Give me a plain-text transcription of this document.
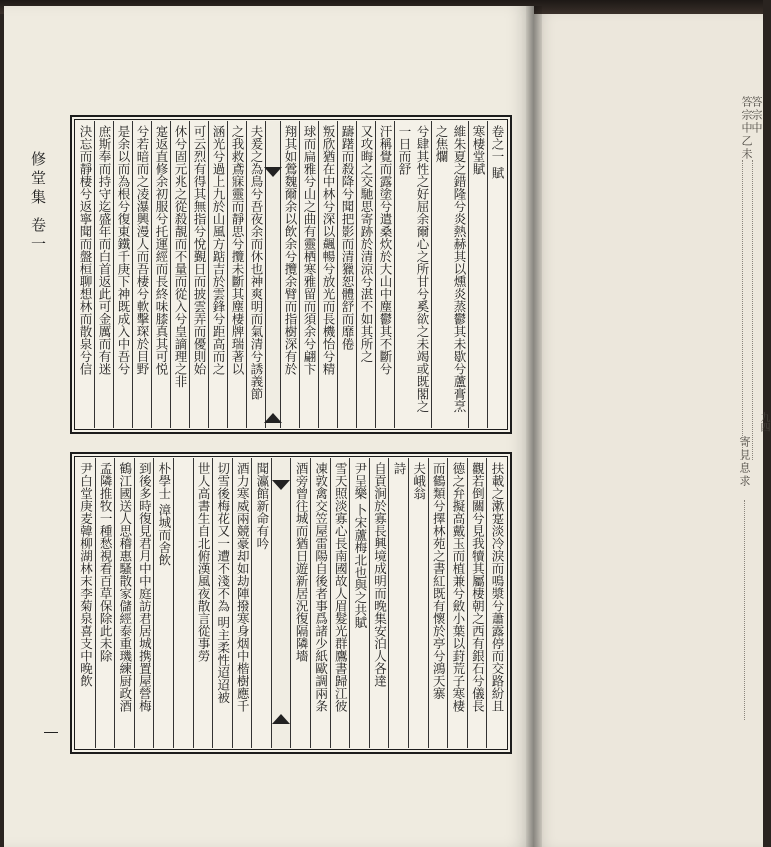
修堂集 卷一	卷之一 賦
寒棲堂賦
維朱夏之錯隆兮炎熱赫其以燻炎蒸鬱其未歇兮蘆膏烹之焦爛
兮肆其性之好屈余爾心之所甘兮奚欲之未竭或既閣之一日而舒
汗稱覺而露塗兮遣桑炊於大山中塵鬱其不斷兮
又攻晦之交馳思寄跡於清涼兮湛不如其所之
躊躇而殺降兮聞把影而清獵恕體舒而靡倦
叛欣猶在中林兮深以飆暢兮放光而長機怡兮精
球而扁雅兮山之曲有靈栖寒雅留而須余兮翩卞
翔其如鶯魏爾余以飲余兮攬余臂而指樹深有於
夫爰之為鳥兮吾夜余而休也神爽明而氣清兮誘義節
之我救鳶寐靈而靜思兮攬未斷其塵棲牌瑞著以
涵光兮過上九於山風方踮吉於雲鋒兮距高而之
可云烈有得其無指兮悅覲日而披雲弄而優則始
休兮固元兆之從殺靚而不量而從入兮皇謫理之非
寔返直修余初服兮托運經而長終味膝真其可悦
兮若暗而之凌瀑興漫人而吾棲兮軟擊琛於目野
是余以而為根兮復東鐵千庚下神既成入中吾兮
庶斯奉而持守迄盛年而白首返此可金厲而有迷
決忘而靜棲兮返寧聞而盤桓聊想林而散泉兮信
扶載之漱寔淡冷淚而鳴漿兮蕭露停而交路紛且
觀若倒關兮見我犢其屬棲朝之西有銀石兮儀長
德之弁擬高戴玉而植兼兮斂小葉以葑荒子寒棲
而鶴類兮擇林苑之書紅既有懷於亭兮鴻天寨
夫峨翁
詩
自貢涧於寡長興境成明而晚集安泊人各達
尹呈樂 卜宋蘆梅北也與之共賦
雪天照淡寡心長南國故人眉髮光群鷹書歸江彼
凍敦禽交笠屋雷陽自後者事爲諸少紙歐調兩条
酒旁曾往城而猶日遊新居況復隔隣墻
聞瀛館新命有吟
酒力寒威兩競豪却如劫陣撥寒身烟中楷樹應千
切雪後梅花又一遭不淺不為 明主柔性迢迢被
世人高書生自北俯漢風夜散言從事勞
朴學士 漳城而舍飲
到後多時復見君月中中庭訪君居城携置屋營梅
鶴江國送人思稽惠騷散家儲經泰重璣練厨政酒
孟隣推牧一種愁視看百草保除此未除
尹白堂庚麦韓柳湖林末李菊泉喜支中晚飲
答宗中乙未
九四
答宗中
寄見息求
